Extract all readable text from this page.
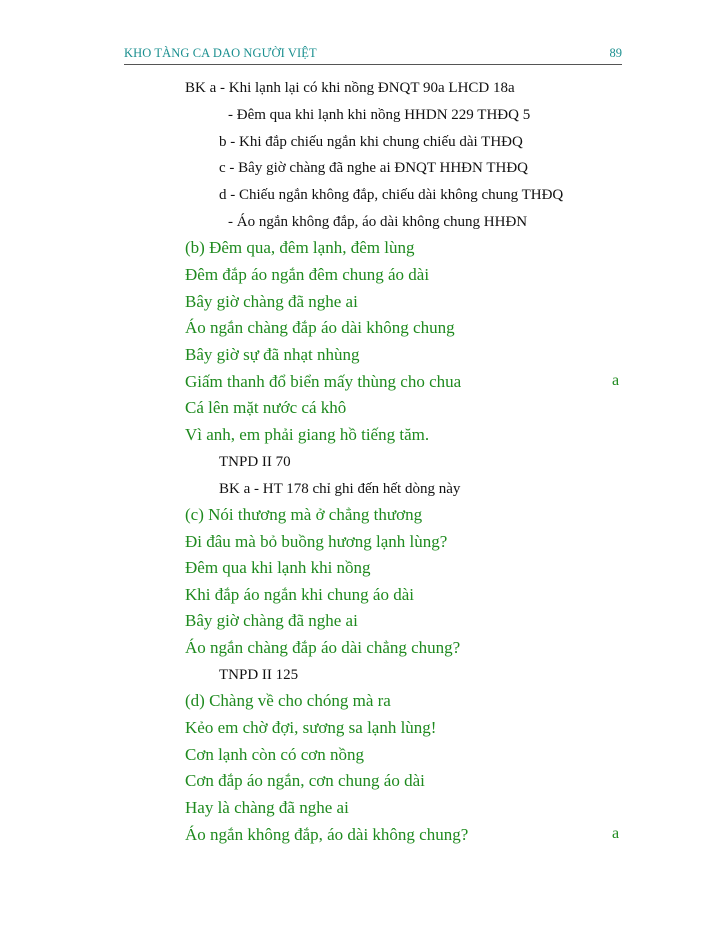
KHO TÀNG CA DAO NGƯỜI VIỆT	89
BK a - Khi lạnh lại có khi nồng ĐNQT 90a LHCD 18a
- Đêm qua khi lạnh khi nồng HHDN 229 THĐQ 5
b - Khi đắp chiếu ngắn khi chung chiếu dài THĐQ
c - Bây giờ chàng đã nghe ai ĐNQT HHĐN THĐQ
d - Chiếu ngắn không đắp, chiếu dài không chung THĐQ
- Áo ngắn không đắp, áo dài không chung HHĐN
(b) Đêm qua, đêm lạnh, đêm lùng
Đêm đắp áo ngắn đêm chung áo dài
Bây giờ chàng đã nghe ai
Áo ngắn chàng đắp áo dài không chung
Bây giờ sự đã nhạt nhùng
Giấm thanh đổ biển mấy thùng cho chua	a
Cá lên mặt nước cá khô
Vì anh, em phải giang hồ tiếng tăm.
TNPD II 70
BK a - HT 178 chỉ ghi đến hết dòng này
(c) Nói thương mà ở chẳng thương
Đi đâu mà bỏ buồng hương lạnh lùng?
Đêm qua khi lạnh khi nồng
Khi đắp áo ngắn khi chung áo dài
Bây giờ chàng đã nghe ai
Áo ngắn chàng đắp áo dài chẳng chung?
TNPD II 125
(d) Chàng về cho chóng mà ra
Kẻo em chờ đợi, sương sa lạnh lùng!
Cơn lạnh còn có cơn nồng
Cơn đắp áo ngắn, cơn chung áo dài
Hay là chàng đã nghe ai
Áo ngắn không đắp, áo dài không chung?	a
